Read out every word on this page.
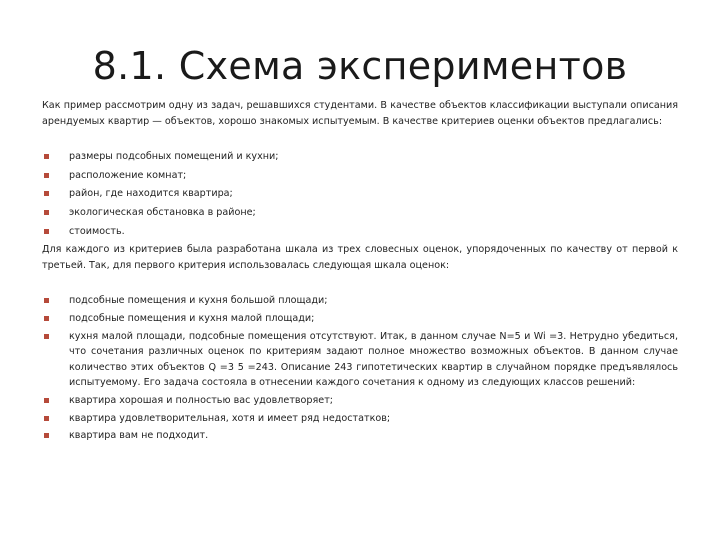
8.1. Схема экспериментов

Как пример рассмотрим одну из задач, решавшихся студентами. В качестве объектов классификации выступали описания арендуемых квартир — объектов, хорошо знакомых испытуемым. В качестве критериев оценки объектов предлагались:

размеры подсобных помещений и кухни;
расположение комнат;
район, где находится квартира;
экологическая обстановка в районе;
стоимость.

Для каждого из критериев была разработана шкала из трех словесных оценок, упорядоченных по качеству от первой к третьей. Так, для первого критерия использовалась следующая шкала оценок:

подсобные помещения и кухня большой площади;
подсобные помещения и кухня малой площади;
кухня малой площади, подсобные помещения отсутствуют. Итак, в данном случае N=5 и Wi =3. Нетрудно убедиться, что сочетания различных оценок по критериям задают полное множество возможных объектов. В данном случае количество этих объектов Q =3 5 =243. Описание 243 гипотетических квартир в случайном порядке предъявлялось испытуемому. Его задача состояла в отнесении каждого сочетания к одному из следующих классов решений:
квартира хорошая и полностью вас удовлетворяет;
квартира удовлетворительная, хотя и имеет ряд недостатков;
квартира вам не подходит.
